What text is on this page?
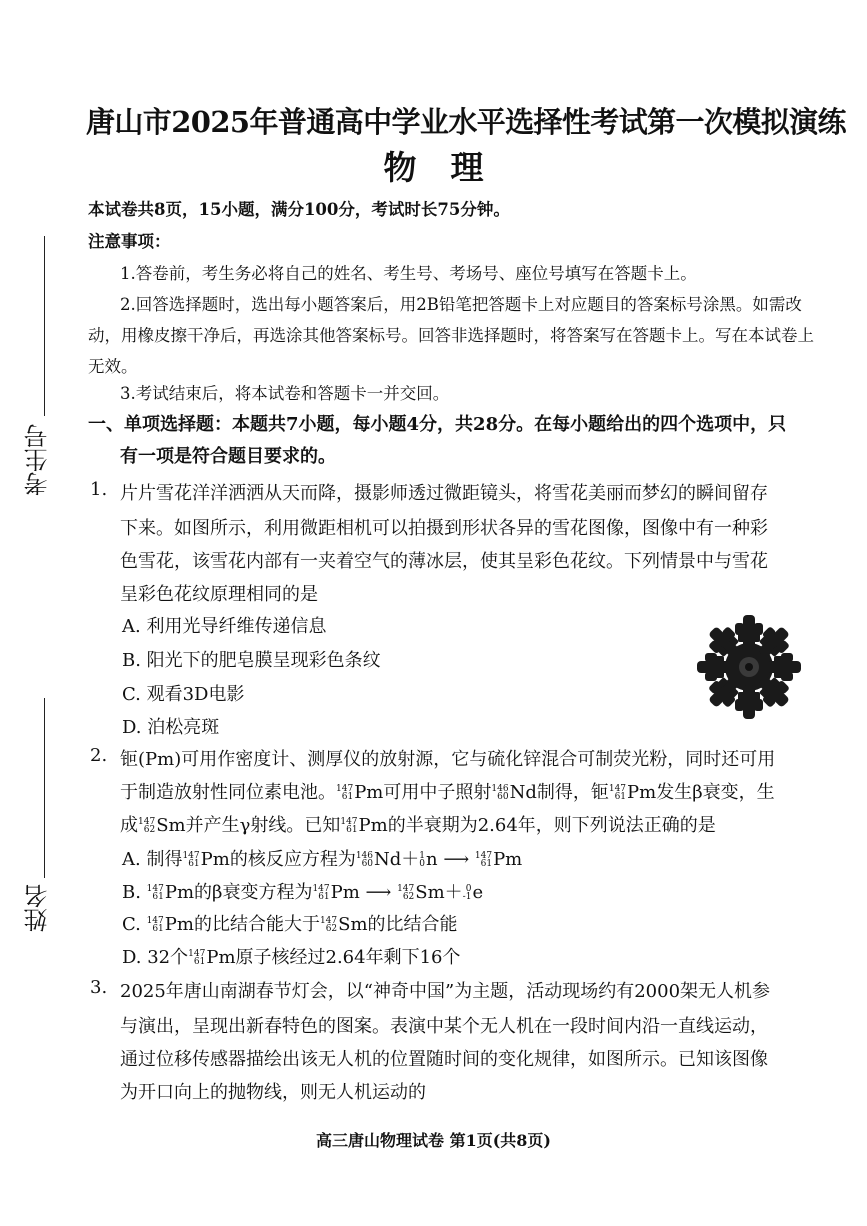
唐山市2025年普通高中学业水平选择性考试第一次模拟演练
物理
考生号
姓名
本试卷共8页，15小题，满分100分，考试时长75分钟。
注意事项：
1.答卷前，考生务必将自己的姓名、考生号、考场号、座位号填写在答题卡上。
2.回答选择题时，选出每小题答案后，用2B铅笔把答题卡上对应题目的答案标号涂黑。如需改
动，用橡皮擦干净后，再选涂其他答案标号。回答非选择题时，将答案写在答题卡上。写在本试卷上
无效。
3.考试结束后，将本试卷和答题卡一并交回。
一、单项选择题：本题共7小题，每小题4分，共28分。在每小题给出的四个选项中，只
有一项是符合题目要求的。
1. 片片雪花洋洋洒洒从天而降，摄影师透过微距镜头，将雪花美丽而梦幻的瞬间留存
下来。如图所示，利用微距相机可以拍摄到形状各异的雪花图像，图像中有一种彩
色雪花，该雪花内部有一夹着空气的薄冰层，使其呈彩色花纹。下列情景中与雪花
呈彩色花纹原理相同的是
A. 利用光导纤维传递信息
B. 阳光下的肥皂膜呈现彩色条纹
C. 观看3D电影
D. 泊松亮斑
2. 钷(Pm)可用作密度计、测厚仪的放射源，它与硫化锌混合可制荧光粉，同时还可用
于制造放射性同位素电池。 147
61 Pm可用中子照射 146
60 Nd制得，钷 147
61 Pm发生β衰变，生
成 147
62 Sm并产生γ射线。已知 147
61 Pm的半衰期为2.64年，则下列说法正确的是
A. 制得 147
61 Pm的核反应方程为 146
60 Nd＋ 1
0 n ⟶ 147
61 Pm
B. 147
61 Pm的β衰变方程为 147
61 Pm ⟶ 147
62 Sm＋ 0
-1 e
C. 147
61 Pm的比结合能大于 147
62 Sm的比结合能
D. 32个 147
61 Pm原子核经过2.64年剩下16个
3. 2025年唐山南湖春节灯会，以“神奇中国”为主题，活动现场约有2000架无人机参
与演出，呈现出新春特色的图案。表演中某个无人机在一段时间内沿一直线运动，
通过位移传感器描绘出该无人机的位置随时间的变化规律，如图所示。已知该图像
为开口向上的抛物线，则无人机运动的
高三唐山物理试卷 第1页(共8页)
